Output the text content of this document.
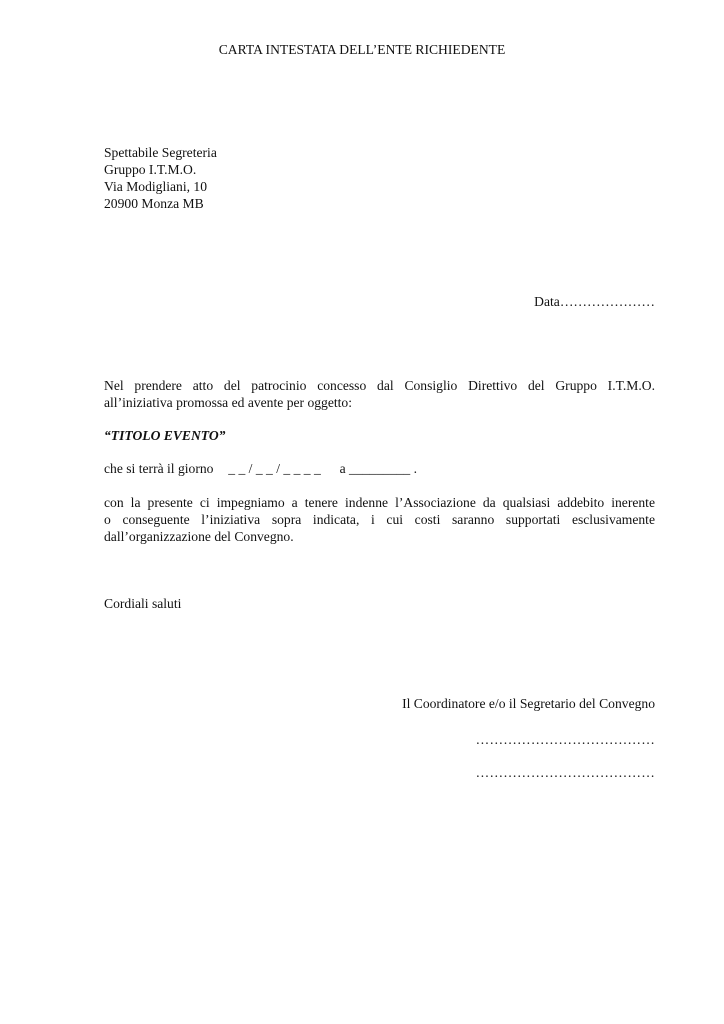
CARTA INTESTATA DELL’ENTE RICHIEDENTE
Spettabile Segreteria
Gruppo I.T.M.O.
Via Modigliani, 10
20900 Monza MB
Data…………………
Nel prendere atto del patrocinio concesso dal Consiglio Direttivo del Gruppo I.T.M.O.
all’iniziativa promossa ed avente per oggetto:
“TITOLO EVENTO”
che si terrà il giorno _ _ / _ _ / _ _ _ _ a _________ .
con la presente ci impegniamo a tenere indenne l’Associazione da qualsiasi addebito inerente
o conseguente l’iniziativa sopra indicata, i cui costi saranno supportati esclusivamente
dall’organizzazione del Convegno.
Cordiali saluti
Il Coordinatore e/o il Segretario del Convegno
…………………………………
…………………………………
